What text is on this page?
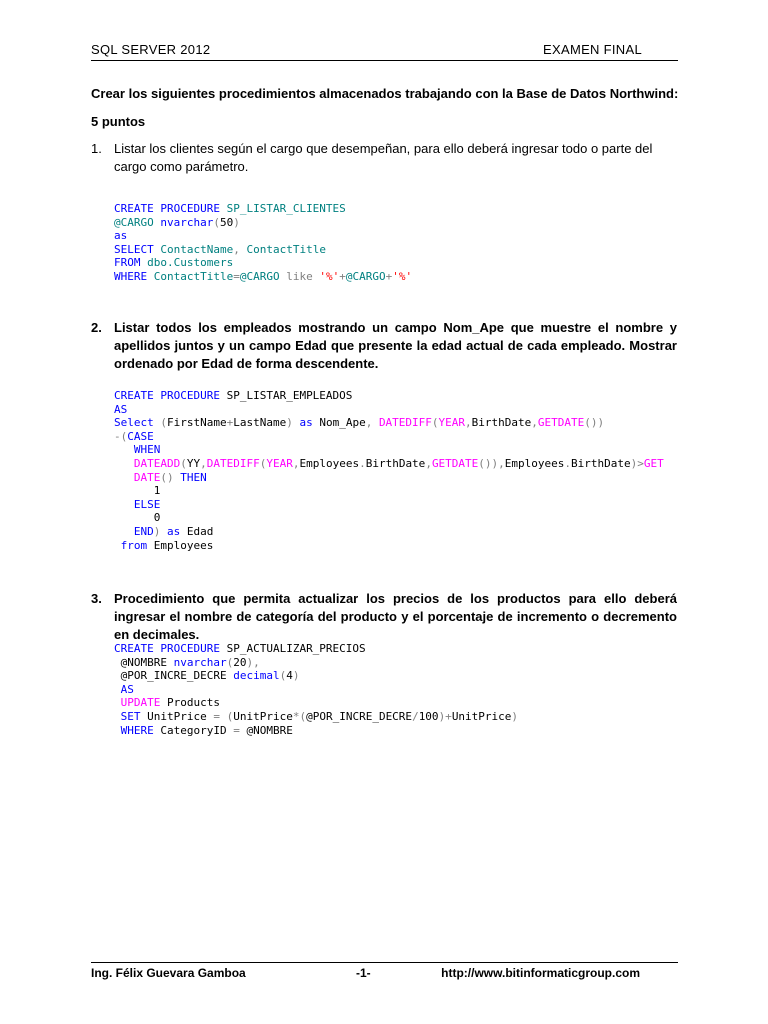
SQL SERVER 2012	EXAMEN FINAL
Crear los siguientes procedimientos almacenados trabajando con la Base de Datos Northwind:
5 puntos
1. Listar los clientes según el cargo que desempeñan, para ello deberá ingresar todo o parte del cargo como parámetro.
CREATE PROCEDURE SP_LISTAR_CLIENTES
@CARGO nvarchar(50)
as
SELECT ContactName, ContactTitle
FROM dbo.Customers
WHERE ContactTitle=@CARGO like '%'+@CARGO+'%'
2. Listar todos los empleados mostrando un campo Nom_Ape que muestre el nombre y apellidos juntos y un campo Edad que presente la edad actual de cada empleado. Mostrar ordenado por Edad de forma descendente.
CREATE PROCEDURE SP_LISTAR_EMPLEADOS
AS
Select (FirstName+LastName) as Nom_Ape, DATEDIFF(YEAR,BirthDate,GETDATE())
-(CASE
WHEN
DATEADD(YY,DATEDIFF(YEAR,Employees.BirthDate,GETDATE()),Employees.BirthDate)>GET
DATE() THEN
1
ELSE
0
END) as Edad
from Employees
3. Procedimiento que permita actualizar los precios de los productos para ello deberá ingresar el nombre de categoría del producto y el porcentaje de incremento o decremento en decimales.
CREATE PROCEDURE SP_ACTUALIZAR_PRECIOS
@NOMBRE nvarchar(20),
@POR_INCRE_DECRE decimal(4)
AS
UPDATE Products
SET UnitPrice = (UnitPrice*(@POR_INCRE_DECRE/100)+UnitPrice)
WHERE CategoryID = @NOMBRE
Ing. Félix Guevara Gamboa	-1-	http://www.bitinformaticgroup.com
